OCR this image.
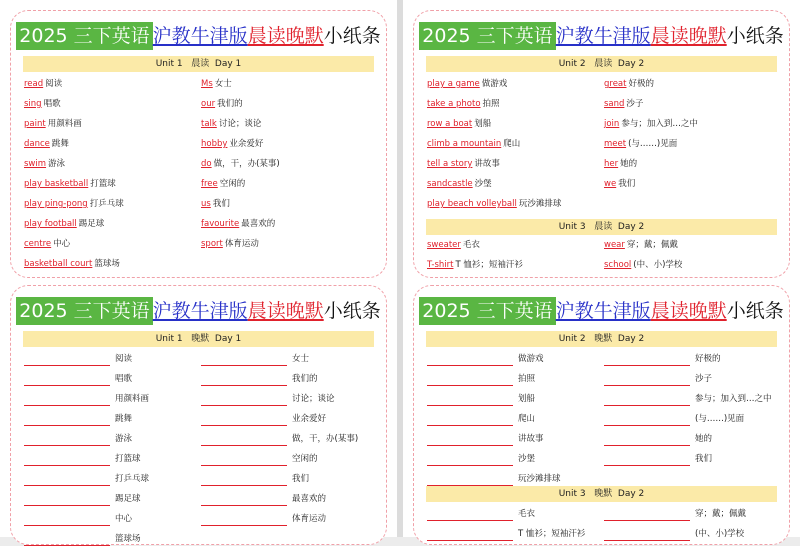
2025 三下英语 沪教牛津版晨读晚默小纸条
Unit 1   晨读  Day 1
read 阅读
sing 唱歌
paint 用颜料画
dance 跳舞
swim 游泳
play basketball 打篮球
play ping-pong 打乒乓球
play football 踢足球
centre 中心
basketball court 篮球场
Ms 女士
our 我们的
talk 讨论；谈论
hobby 业余爱好
do 做，干，办(某事)
free 空闲的
us 我们
favourite 最喜欢的
sport 体育运动
2025 三下英语 沪教牛津版晨读晚默小纸条
Unit 1   晚默  Day 1
阅读
唱歌
用颜料画
跳舞
游泳
打篮球
打乒乓球
踢足球
中心
篮球场
女士
我们的
讨论；谈论
业余爱好
做，干，办(某事)
空闲的
我们
最喜欢的
体育运动
2025 三下英语 沪教牛津版晨读晚默小纸条
Unit 2   晨读  Day 2
play a game 做游戏
take a photo 拍照
row a boat 划船
climb a mountain 爬山
tell a story 讲故事
sandcastle 沙堡
play beach volleyball 玩沙滩排球
great 好极的
sand 沙子
join 参与；加入到…之中
meet (与……)见面
her 她的
we 我们
Unit 3   晨读  Day 2
sweater 毛衣
T-shirt T 恤衫；短袖汗衫
wear 穿；戴；佩戴
school (中、小)学校
2025 三下英语 沪教牛津版晨读晚默小纸条
Unit 2   晚默  Day 2
做游戏
拍照
划船
爬山
讲故事
沙堡
玩沙滩排球
好极的
沙子
参与；加入到…之中
(与……)见面
她的
我们
Unit 3   晚默  Day 2
毛衣
T 恤衫；短袖汗衫
穿；戴；佩戴
(中、小)学校
